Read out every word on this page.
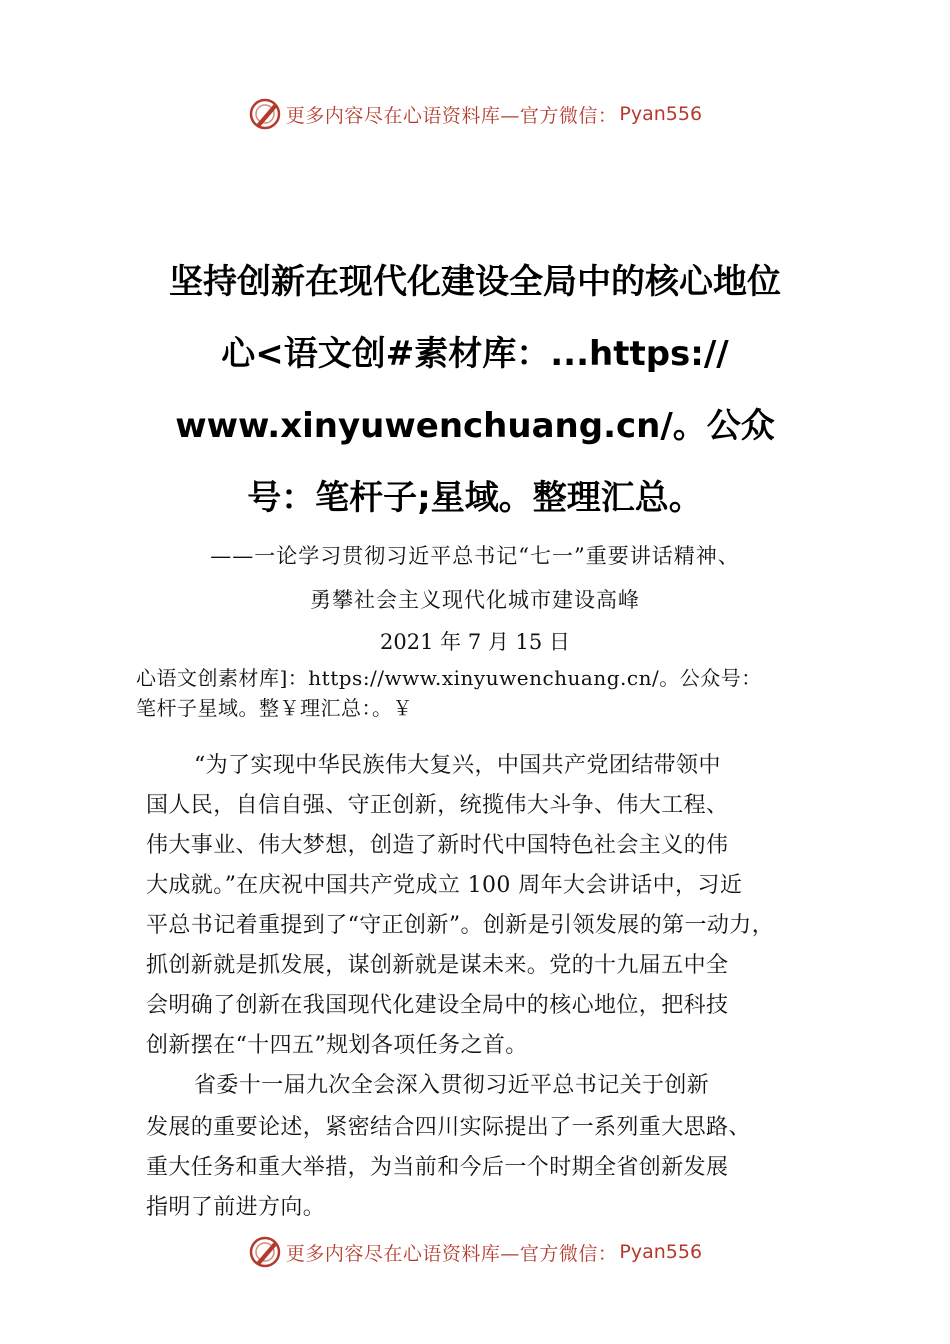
更多内容尽在心语资料库—官方微信： Pyan556
坚持创新在现代化建设全局中的核心地位
心<语文创#素材库：...https://
www.xinyuwenchuang.cn/。公众
号：笔杆子;星域。整理汇总。
——一论学习贯彻习近平总书记“七一”重要讲话精神、
勇攀社会主义现代化城市建设高峰
2021 年 7 月 15 日
心语文创素材库]：https://www.xinyuwenchuang.cn/。公众号：
笔杆子星域。整￥理汇总：。￥
“为了实现中华民族伟大复兴，中国共产党团结带领中
国人民，自信自强、守正创新，统揽伟大斗争、伟大工程、
伟大事业、伟大梦想，创造了新时代中国特色社会主义的伟
大成就。”在庆祝中国共产党成立 100 周年大会讲话中，习近
平总书记着重提到了“守正创新”。创新是引领发展的第一动力，
抓创新就是抓发展，谋创新就是谋未来。党的十九届五中全
会明确了创新在我国现代化建设全局中的核心地位，把科技
创新摆在“十四五”规划各项任务之首。
省委十一届九次全会深入贯彻习近平总书记关于创新
发展的重要论述，紧密结合四川实际提出了一系列重大思路、
重大任务和重大举措，为当前和今后一个时期全省创新发展
指明了前进方向。
更多内容尽在心语资料库—官方微信： Pyan556
